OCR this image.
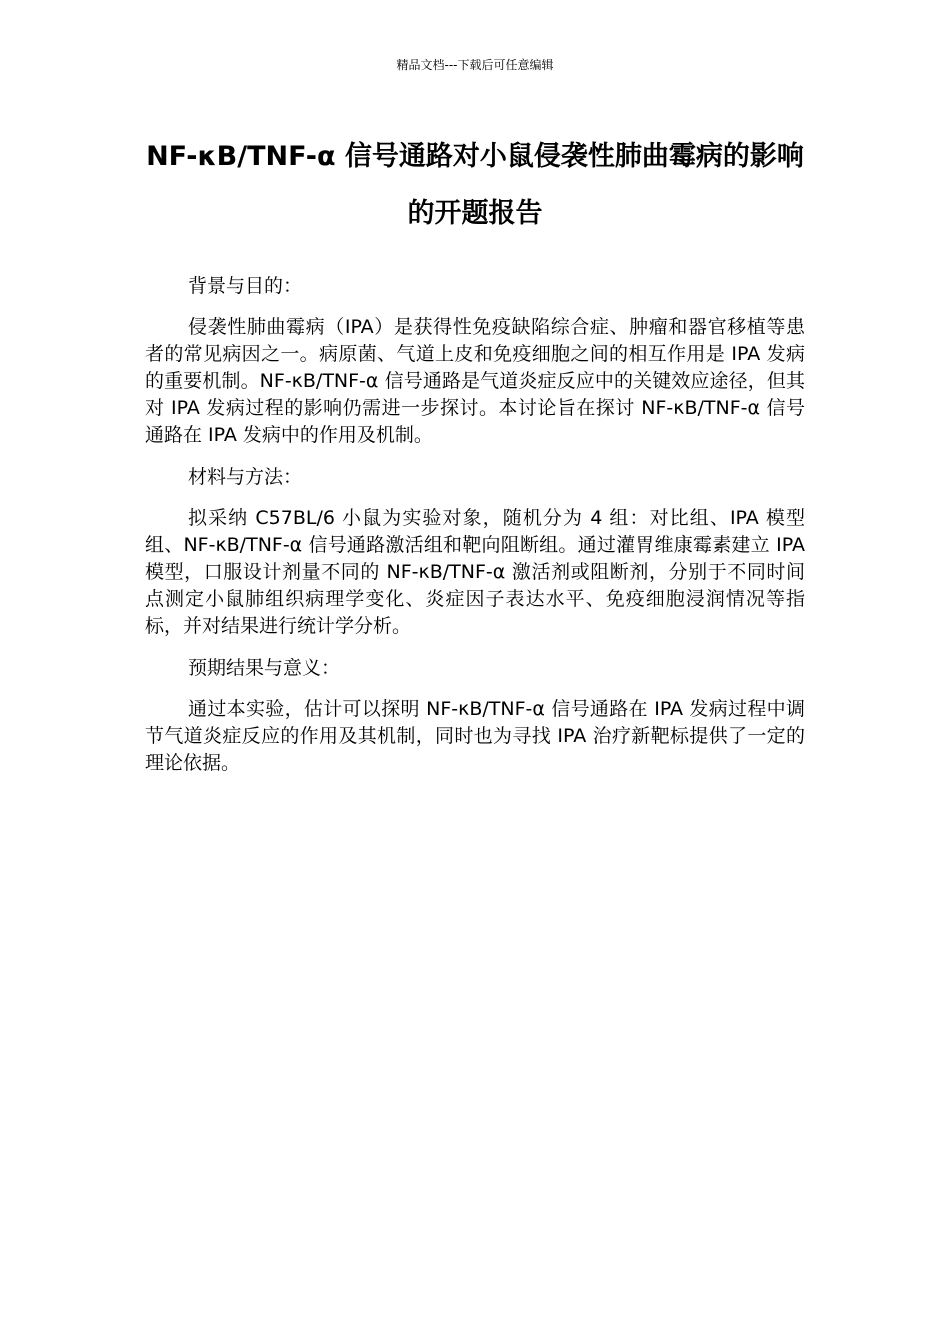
精品文档---下载后可任意编辑
NF-κB/TNF-α 信号通路对小鼠侵袭性肺曲霉病的影响的开题报告

背景与目的：

侵袭性肺曲霉病（IPA）是获得性免疫缺陷综合症、肿瘤和器官移植等患者的常见病因之一。病原菌、气道上皮和免疫细胞之间的相互作用是 IPA 发病的重要机制。NF-κB/TNF-α 信号通路是气道炎症反应中的关键效应途径，但其对 IPA 发病过程的影响仍需进一步探讨。本讨论旨在探讨 NF-κB/TNF-α 信号通路在 IPA 发病中的作用及机制。

材料与方法：

拟采纳 C57BL/6 小鼠为实验对象，随机分为 4 组：对比组、IPA 模型组、NF-κB/TNF-α 信号通路激活组和靶向阻断组。通过灌胃维康霉素建立 IPA 模型，口服设计剂量不同的 NF-κB/TNF-α 激活剂或阻断剂，分别于不同时间点测定小鼠肺组织病理学变化、炎症因子表达水平、免疫细胞浸润情况等指标，并对结果进行统计学分析。

预期结果与意义：

通过本实验，估计可以探明 NF-κB/TNF-α 信号通路在 IPA 发病过程中调节气道炎症反应的作用及其机制，同时也为寻找 IPA 治疗新靶标提供了一定的理论依据。
